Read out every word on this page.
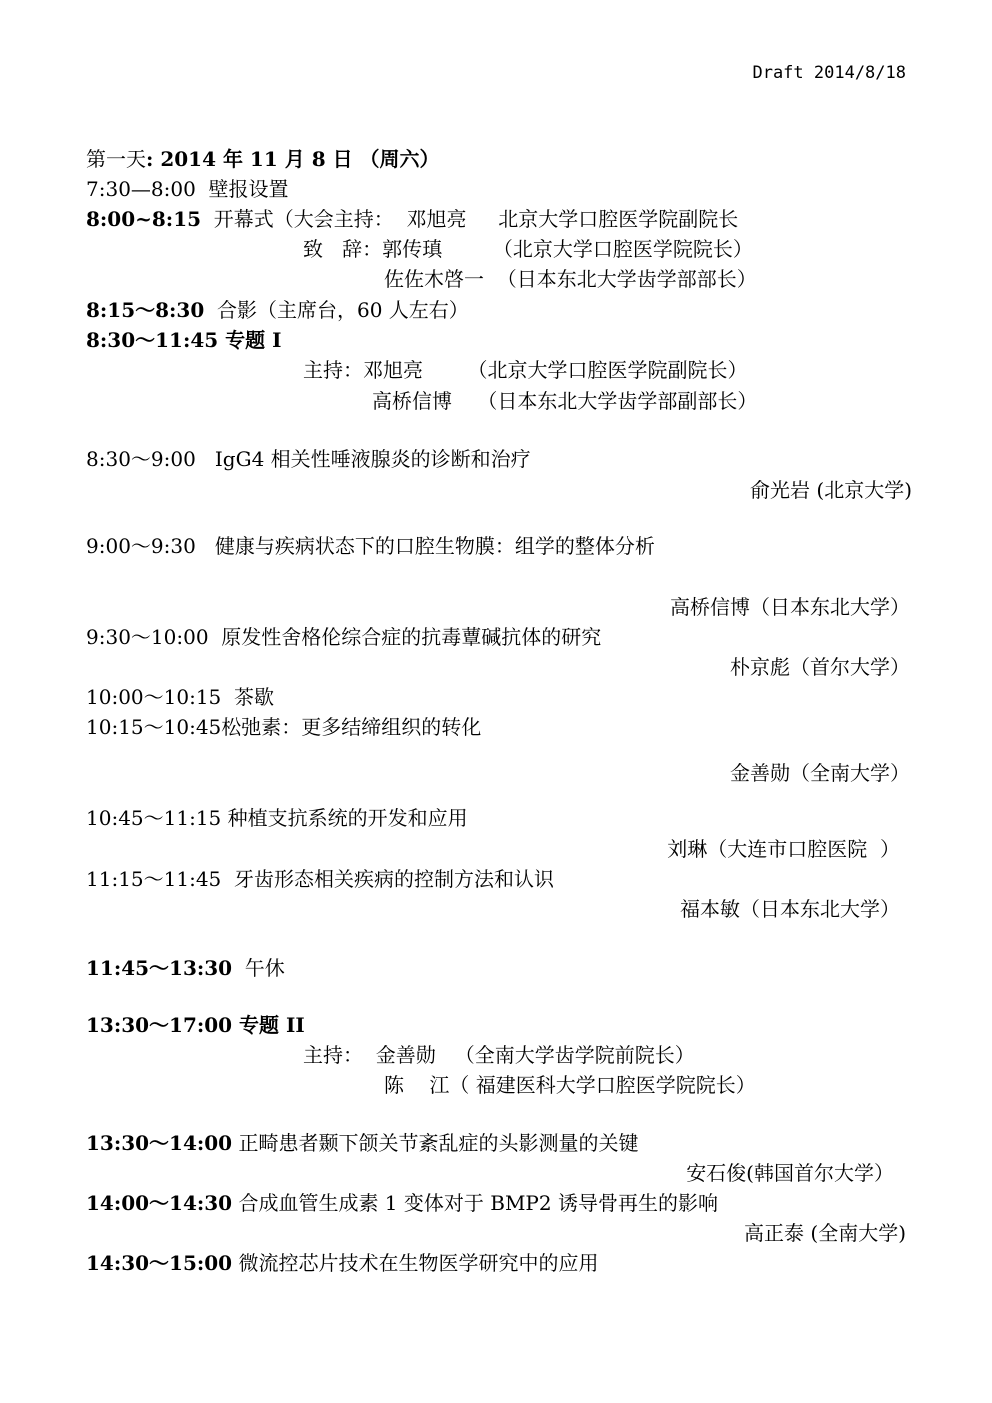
Draft 2014/8/18
第一天: 2014 年 11 月 8 日 （周六）
7:30—8:00  壁报设置
8:00~8:15  开幕式（大会主持：  邓旭亮     北京大学口腔医学院副院长
致   辞：郭传瑱        （北京大学口腔医学院院长）
佐佐木啓一  （日本东北大学齿学部部长）
8:15～8:30  合影（主席台，60 人左右）
8:30～11:45 专题 I
主持：邓旭亮       （北京大学口腔医学院副院长）
高桥信博    （日本东北大学齿学部副部长）
8:30～9:00   IgG4 相关性唾液腺炎的诊断和治疗
俞光岩 (北京大学)
9:00～9:30   健康与疾病状态下的口腔生物膜：组学的整体分析
高桥信博（日本东北大学）
9:30～10:00  原发性舍格伦综合症的抗毒蕈碱抗体的研究
朴京彪（首尔大学）
10:00～10:15  茶歇
10:15～10:45松弛素：更多结缔组织的转化
金善勋（全南大学）
10:45～11:15 种植支抗系统的开发和应用
刘琳（大连市口腔医院  ）
11:15～11:45  牙齿形态相关疾病的控制方法和认识
福本敏（日本东北大学）
11:45～13:30  午休
13:30～17:00 专题 II
主持：  金善勋   （全南大学齿学院前院长）
陈    江（ 福建医科大学口腔医学院院长）
13:30～14:00 正畸患者颞下颌关节紊乱症的头影测量的关键
安石俊(韩国首尔大学）
14:00～14:30 合成血管生成素 1 变体对于 BMP2 诱导骨再生的影响
高正泰 (全南大学)
14:30～15:00 微流控芯片技术在生物医学研究中的应用
